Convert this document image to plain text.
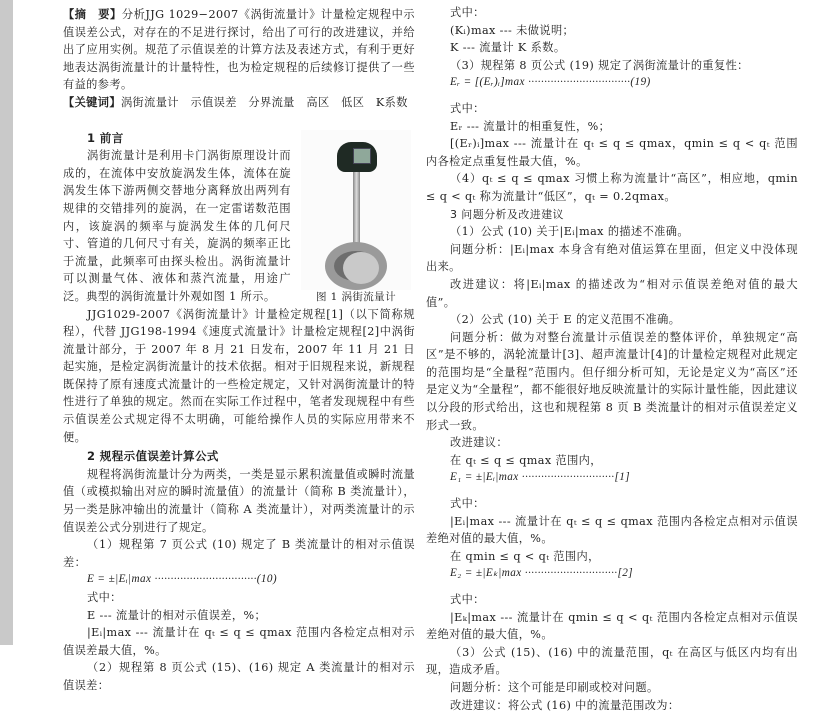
【摘　要】分析JJG 1029−2007《涡街流量计》计量检定规程中示值误差公式，对存在的不足进行探讨，给出了可行的改进建议，并给出了应用实例。规范了示值误差的计算方法及表述方式，有利于更好地表达涡街流量计的计量特性，也为检定规程的后续修订提供了一些有益的参考。

【关键词】涡街流量计　示值误差　分界流量　高区　低区　K系数

图 1 涡街流量计
1 前言

涡街流量计是利用卡门涡街原理设计而成的，在流体中安放旋涡发生体，流体在旋涡发生体下游两侧交替地分离释放出两列有规律的交错排列的旋涡，在一定雷诺数范围内，该旋涡的频率与旋涡发生体的几何尺寸、管道的几何尺寸有关，旋涡的频率正比于流量，此频率可由探头检出。涡街流量计可以测量气体、液体和蒸汽流量，用途广泛。典型的涡街流量计外观如图 1 所示。

JJG1029-2007《涡街流量计》计量检定规程[1]（以下简称规程），代替 JJG198-1994《速度式流量计》计量检定规程[2]中涡街流量计部分，于 2007 年 8 月 21 日发布，2007 年 11 月 21 日起实施，是检定涡街流量计的技术依据。相对于旧规程来说，新规程既保持了原有速度式流量计的一些检定规定，又针对涡街流量计的特性进行了单独的规定。然而在实际工作过程中，笔者发现规程中有些示值误差公式规定得不太明确，可能给操作人员的实际应用带来不便。

2 规程示值误差计算公式

规程将涡街流量计分为两类，一类是显示累积流量值或瞬时流量值（或模拟输出对应的瞬时流量值）的流量计（简称 B 类流量计），另一类是脉冲输出的流量计（简称 A 类流量计），对两类流量计的示值误差公式分别进行了规定。

（1）规程第 7 页公式 (10) 规定了 B 类流量计的相对示值误差：

E = ±|Eᵢ|max ································(10)

式中：

E --- 流量计的相对示值误差，%；

|Eᵢ|max --- 流量计在 qₜ ≤ q ≤ qmax 范围内各检定点相对示值误差最大值，%。

（2）规程第 8 页公式 (15)、(16) 规定 A 类流量计的相对示值误差：

式中：

(Kᵢ)max --- 未做说明；

K --- 流量计 K 系数。

（3）规程第 8 页公式 (19) 规定了涡街流量计的重复性：

Eᵣ = [(Eᵣ)ᵢ]max ································(19)

式中：

Eᵣ --- 流量计的相重复性，%；

[(Eᵣ)ᵢ]max --- 流量计在 qₜ ≤ q ≤ qmax，qmin ≤ q < qₜ 范围内各检定点重复性最大值，%。

（4）qₜ ≤ q ≤ qmax 习惯上称为流量计“高区”，相应地，qmin ≤ q < qₜ 称为流量计“低区”，qₜ = 0.2qmax。

3 问题分析及改进建议

（1）公式 (10) 关于|Eᵢ|max 的描述不准确。

问题分析：|Eᵢ|max 本身含有绝对值运算在里面，但定义中没体现出来。

改进建议：将|Eᵢ|max 的描述改为“相对示值误差绝对值的最大值”。

（2）公式 (10) 关于 E 的定义范围不准确。

问题分析：做为对整台流量计示值误差的整体评价，单独规定“高区”是不够的，涡轮流量计[3]、超声流量计[4]的计量检定规程对此规定的范围均是“全量程”范围内。但仔细分析可知，无论是定义为“高区”还是定义为“全量程”，都不能很好地反映流量计的实际计量性能，因此建议以分段的形式给出，这也和规程第 8 页 B 类流量计的相对示值误差定义形式一致。

改进建议：

在 qₜ ≤ q ≤ qmax 范围内，

E₁ = ±|Eᵢ|max ·····························[1]

式中：

|Eᵢ|max --- 流量计在 qₜ ≤ q ≤ qmax 范围内各检定点相对示值误差绝对值的最大值，%。

在 qmin ≤ q < qₜ 范围内，

E₂ = ±|Eₖ|max ·····························[2]

式中：

|Eₖ|max --- 流量计在 qmin ≤ q < qₜ 范围内各检定点相对示值误差绝对值的最大值，%。

（3）公式 (15)、(16) 中的流量范围，qₜ 在高区与低区内均有出现，造成矛盾。

问题分析：这个可能是印刷或校对问题。

改进建议：将公式 (16) 中的流量范围改为：
